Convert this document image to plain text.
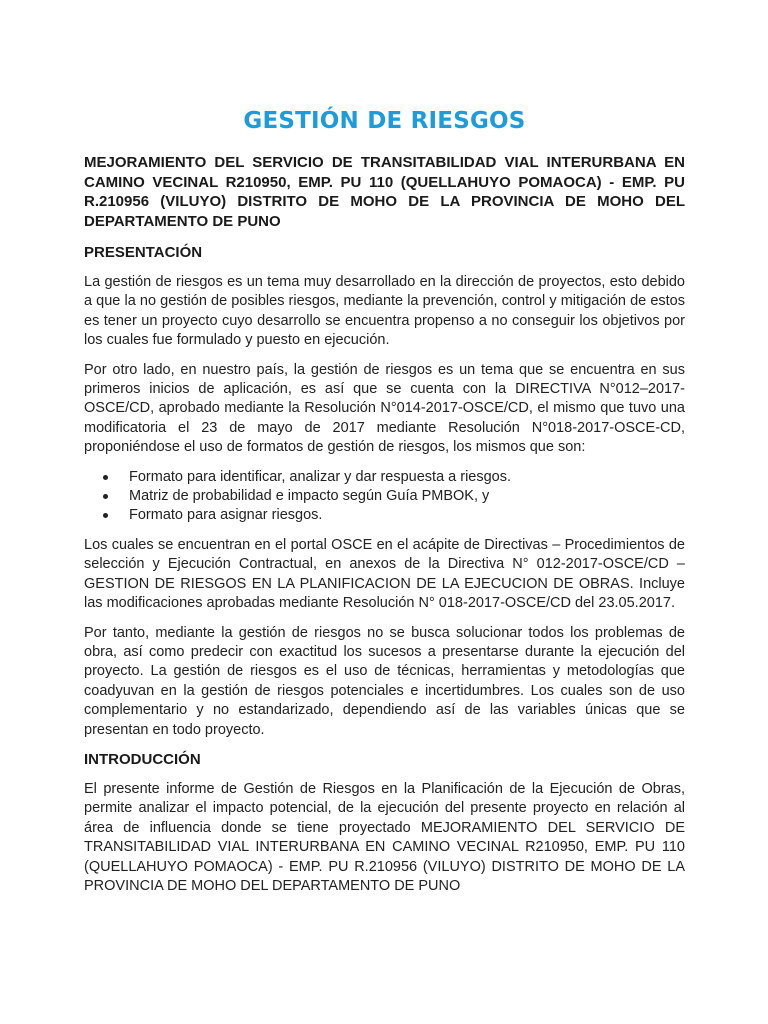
GESTIÓN DE RIESGOS

MEJORAMIENTO DEL SERVICIO DE TRANSITABILIDAD VIAL INTERURBANA EN CAMINO VECINAL R210950, EMP. PU 110 (QUELLAHUYO POMAOCA) - EMP. PU R.210956 (VILUYO) DISTRITO DE MOHO DE LA PROVINCIA DE MOHO DEL DEPARTAMENTO DE PUNO

PRESENTACIÓN

La gestión de riesgos es un tema muy desarrollado en la dirección de proyectos, esto debido a que la no gestión de posibles riesgos, mediante la prevención, control y mitigación de estos es tener un proyecto cuyo desarrollo se encuentra propenso a no conseguir los objetivos por los cuales fue formulado y puesto en ejecución.

Por otro lado, en nuestro país, la gestión de riesgos es un tema que se encuentra en sus primeros inicios de aplicación, es así que se cuenta con la DIRECTIVA N°012–2017-OSCE/CD, aprobado mediante la Resolución N°014-2017-OSCE/CD, el mismo que tuvo una modificatoria el 23 de mayo de 2017 mediante Resolución N°018-2017-OSCE-CD, proponiéndose el uso de formatos de gestión de riesgos, los mismos que son:

Formato para identificar, analizar y dar respuesta a riesgos.
Matriz de probabilidad e impacto según Guía PMBOK, y
Formato para asignar riesgos.

Los cuales se encuentran en el portal OSCE en el acápite de Directivas – Procedimientos de selección y Ejecución Contractual, en anexos de la Directiva N° 012-2017-OSCE/CD – GESTION DE RIESGOS EN LA PLANIFICACION DE LA EJECUCION DE OBRAS. Incluye las modificaciones aprobadas mediante Resolución N° 018-2017-OSCE/CD del 23.05.2017.

Por tanto, mediante la gestión de riesgos no se busca solucionar todos los problemas de obra, así como predecir con exactitud los sucesos a presentarse durante la ejecución del proyecto. La gestión de riesgos es el uso de técnicas, herramientas y metodologías que coadyuvan en la gestión de riesgos potenciales e incertidumbres. Los cuales son de uso complementario y no estandarizado, dependiendo así de las variables únicas que se presentan en todo proyecto.

INTRODUCCIÓN

El presente informe de Gestión de Riesgos en la Planificación de la Ejecución de Obras, permite analizar el impacto potencial, de la ejecución del presente proyecto en relación al área de influencia donde se tiene proyectado MEJORAMIENTO DEL SERVICIO DE TRANSITABILIDAD VIAL INTERURBANA EN CAMINO VECINAL R210950, EMP. PU 110 (QUELLAHUYO POMAOCA) - EMP. PU R.210956 (VILUYO) DISTRITO DE MOHO DE LA PROVINCIA DE MOHO DEL DEPARTAMENTO DE PUNO
